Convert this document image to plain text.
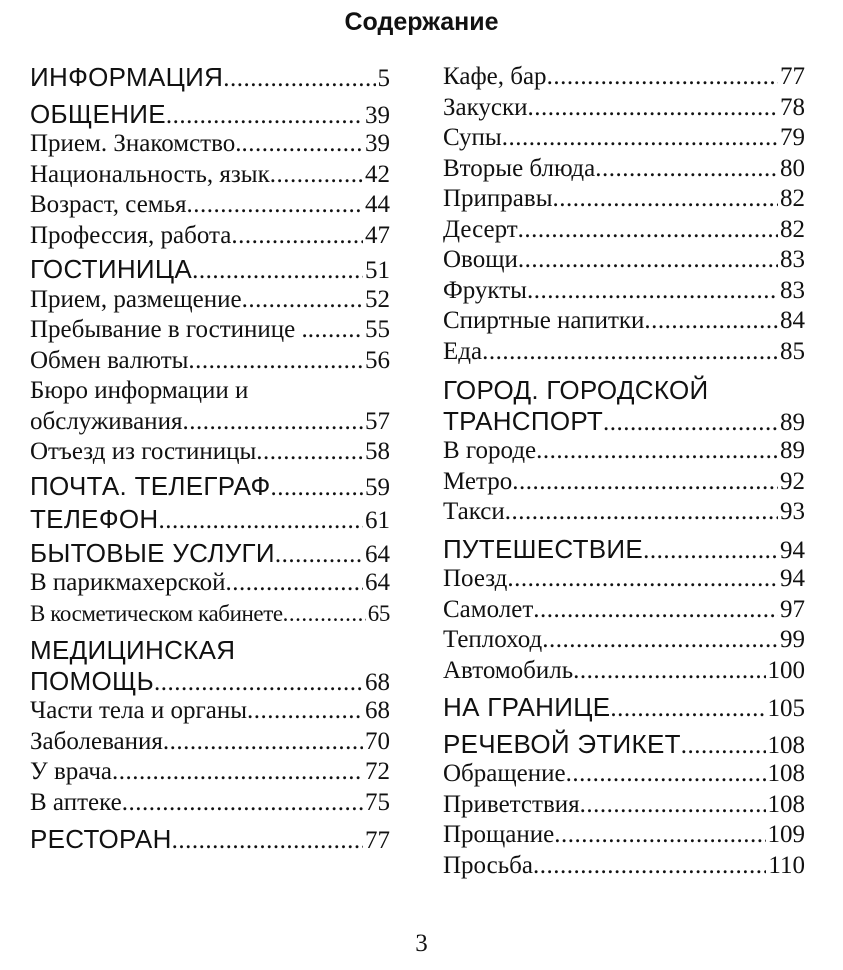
Содержание
ИНФОРМАЦИЯ .....	5
ОБЩЕНИЕ .....	39
Прием. Знакомство. .....	39
Национальность, язык .....	42
Возраст, семья .....	44
Профессия, работа .....	47
ГОСТИНИЦА .....	51
Прием, размещение .....	52
Пребывание в гостинице . ..... 55
Обмен валюты .....	56
Бюро информации и
обслуживания .....	57
Отъезд из гостиницы .....	58
ПОЧТА. ТЕЛЕГРАФ .....	59
ТЕЛЕФОН .....	61
БЫТОВЫЕ УСЛУГИ .....	64
В парикмахерской .....	64
В косметическом кабинете .....	65
МЕДИЦИНСКАЯ
ПОМОЩЬ .....	68
Части тела и органы .....	68
Заболевания .....	70
У врача .....	72
В аптеке .....	75
РЕСТОРАН .....	77
Кафе, бар .....	77
Закуски .....	78
Супы .....	79
Вторые блюда .....	80
Приправы .....	82
Десерт .....	82
Овощи .....	83
Фрукты .....	83
Спиртные напитки .....	84
Еда .....	85
ГОРОД. ГОРОДСКОЙ
ТРАНСПОРТ .....	89
В городе .....	89
Метро .....	92
Такси .....	93
ПУТЕШЕСТВИЕ .....	94
Поезд .....	94
Самолет .....	97
Теплоход .....	99
Автомобиль .....	100
НА ГРАНИЦЕ .....	105
РЕЧЕВОЙ ЭТИКЕТ .....	108
Обращение .....	108
Приветствия .....	108
Прощание .....	109
Просьба .....	110
3
